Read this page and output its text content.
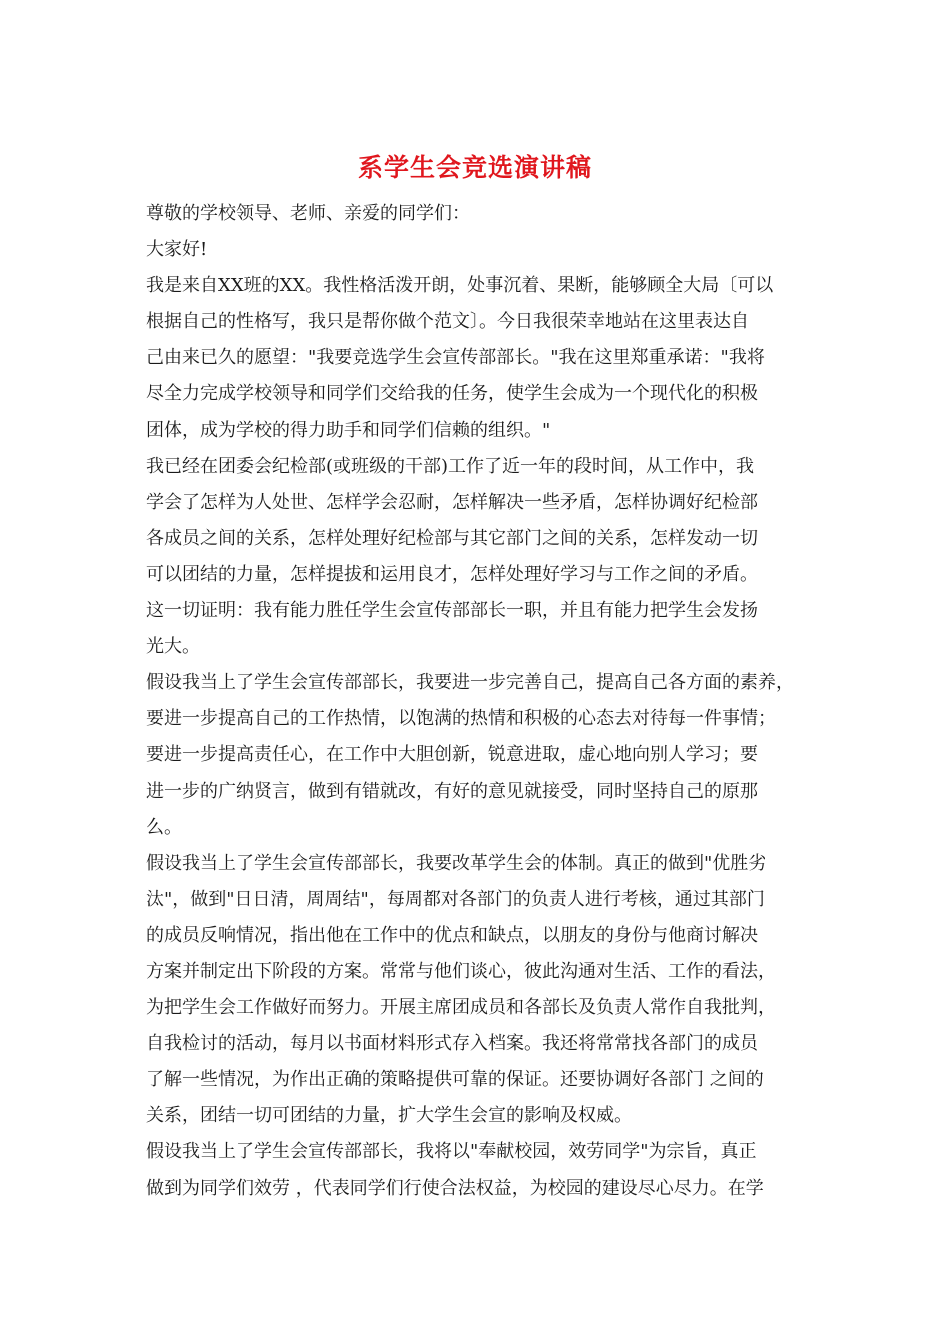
系学生会竞选演讲稿
尊敬的学校领导、老师、亲爱的同学们：
大家好!
我是来自XX班的XX。我性格活泼开朗，处事沉着、果断，能够顾全大局〔可以
根据自己的性格写，我只是帮你做个范文〕。今日我很荣幸地站在这里表达自
己由来已久的愿望："我要竞选学生会宣传部部长。"我在这里郑重承诺："我将
尽全力完成学校领导和同学们交给我的任务，使学生会成为一个现代化的积极
团体，成为学校的得力助手和同学们信赖的组织。"
我已经在团委会纪检部(或班级的干部)工作了近一年的段时间，从工作中，我
学会了怎样为人处世、怎样学会忍耐，怎样解决一些矛盾，怎样协调好纪检部
各成员之间的关系，怎样处理好纪检部与其它部门之间的关系，怎样发动一切
可以团结的力量，怎样提拔和运用良才，怎样处理好学习与工作之间的矛盾。
这一切证明：我有能力胜任学生会宣传部部长一职，并且有能力把学生会发扬
光大。
假设我当上了学生会宣传部部长，我要进一步完善自己，提高自己各方面的素养，
要进一步提高自己的工作热情，以饱满的热情和积极的心态去对待每一件事情；
要进一步提高责任心，在工作中大胆创新，锐意进取，虚心地向别人学习；要
进一步的广纳贤言，做到有错就改，有好的意见就接受，同时坚持自己的原那
么。
假设我当上了学生会宣传部部长，我要改革学生会的体制。真正的做到"优胜劣
汰"，做到"日日清，周周结"，每周都对各部门的负责人进行考核，通过其部门
的成员反响情况，指出他在工作中的优点和缺点，以朋友的身份与他商讨解决
方案并制定出下阶段的方案。常常与他们谈心，彼此沟通对生活、工作的看法，
为把学生会工作做好而努力。开展主席团成员和各部长及负责人常作自我批判，
自我检讨的活动，每月以书面材料形式存入档案。我还将常常找各部门的成员
了解一些情况，为作出正确的策略提供可靠的保证。还要协调好各部门 之间的
关系，团结一切可团结的力量，扩大学生会宣的影响及权威。
假设我当上了学生会宣传部部长，我将以"奉献校园，效劳同学"为宗旨，真正
做到为同学们效劳 ，代表同学们行使合法权益，为校园的建设尽心尽力。在学
